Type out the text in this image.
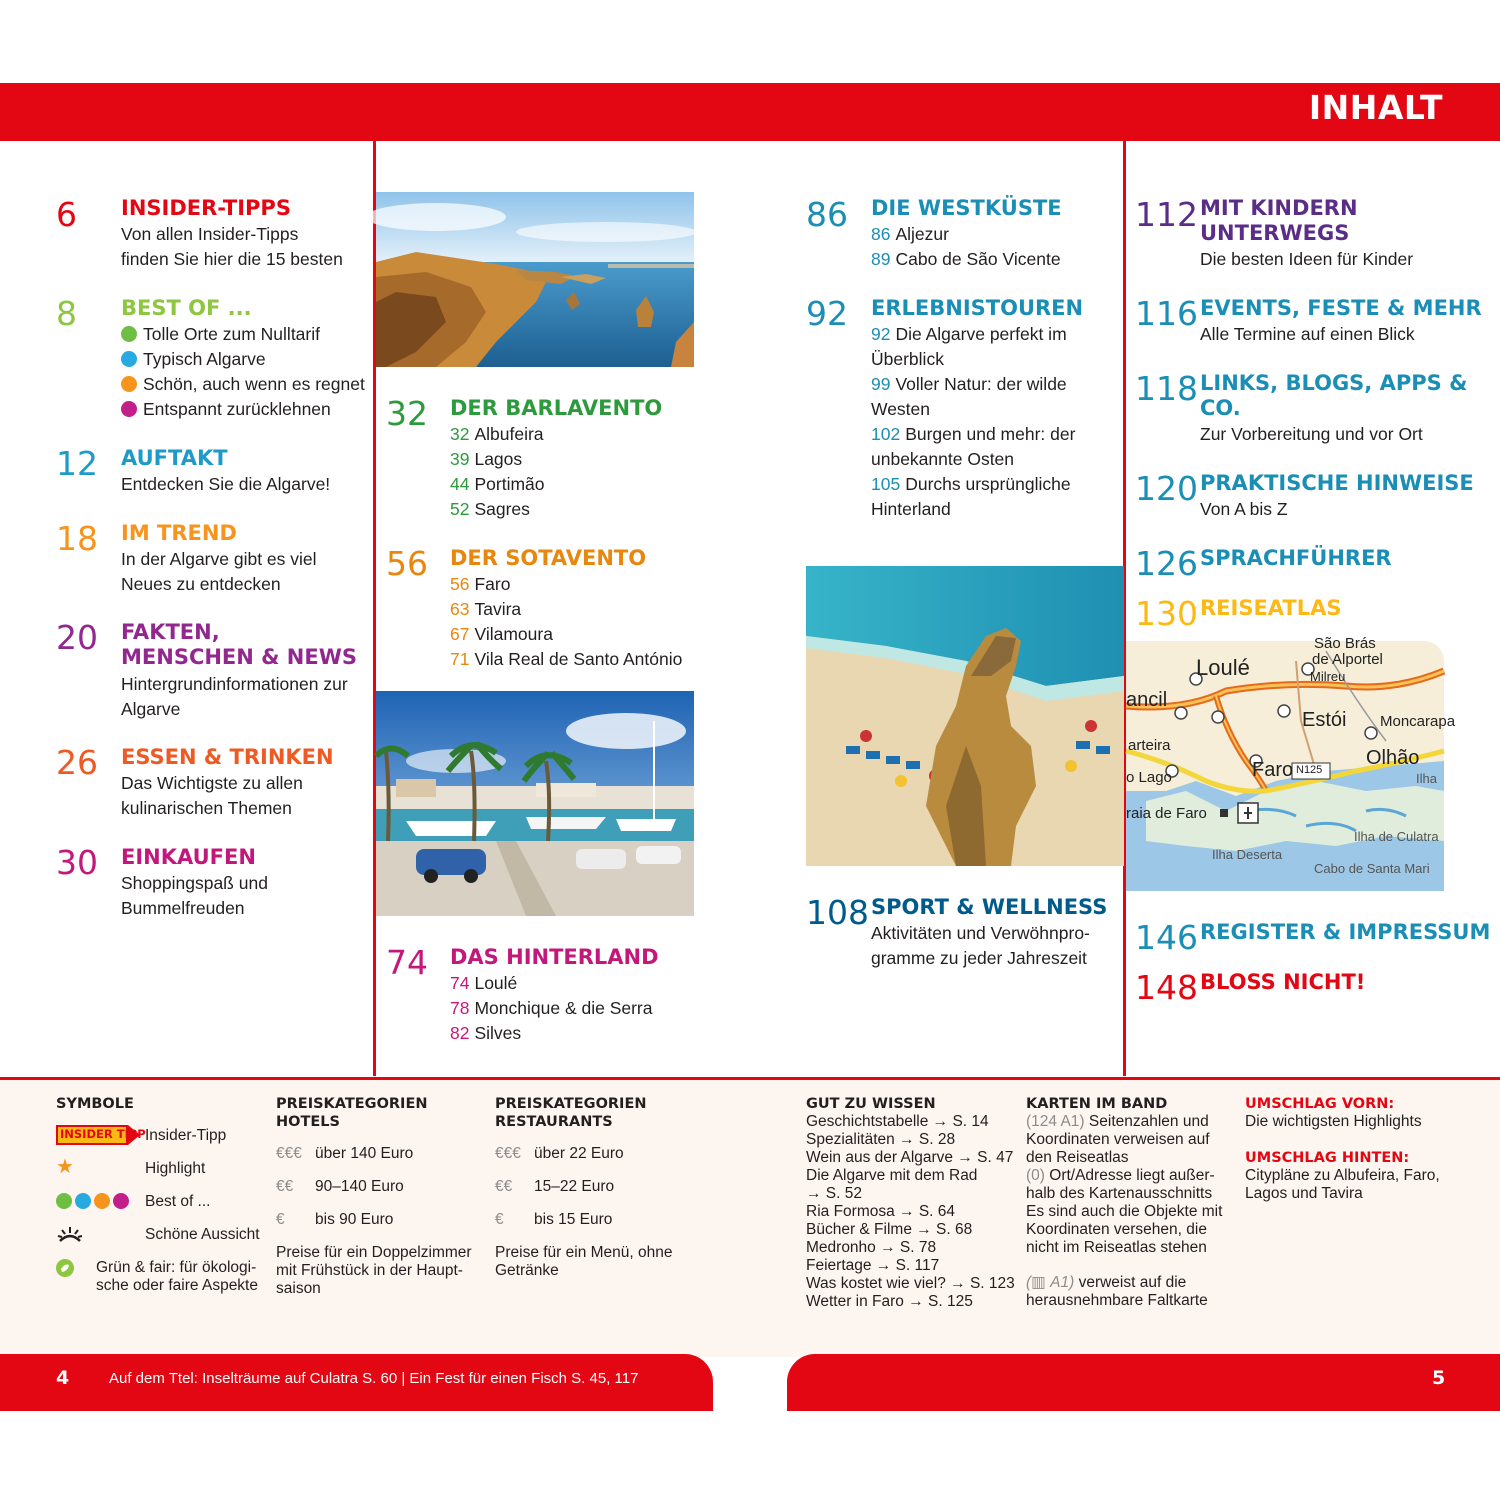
INHALT
6 INSIDER-TIPPS
Von allen Insider-Tipps
finden Sie hier die 15 besten
8 BEST OF ...
Tolle Orte zum Nulltarif
Typisch Algarve
Schön, auch wenn es regnet
Entspannt zurücklehnen
12 AUFTAKT
Entdecken Sie die Algarve!
18 IM TREND
In der Algarve gibt es viel
Neues zu entdecken
20 FAKTEN,
MENSCHEN & NEWS
Hintergrundinformationen zur
Algarve
26 ESSEN & TRINKEN
Das Wichtigste zu allen
kulinarischen Themen
30 EINKAUFEN
Shoppingspaß und
Bummelfreuden
32 DER BARLAVENTO
32 Albufeira
39 Lagos
44 Portimão
52 Sagres
56 DER SOTAVENTO
56 Faro
63 Tavira
67 Vilamoura
71 Vila Real de Santo António
74 DAS HINTERLAND
74 Loulé
78 Monchique & die Serra
82 Silves
86 DIE WESTKÜSTE
86 Aljezur
89 Cabo de São Vicente
92 ERLEBNISTOUREN
92 Die Algarve perfekt im
Überblick
99 Voller Natur: der wilde
Westen
102 Burgen und mehr: der
unbekannte Osten
105 Durchs ursprüngliche
Hinterland
108 SPORT & WELLNESS
Aktivitäten und Verwöhnpro-
gramme zu jeder Jahreszeit
112 MIT KINDERN
UNTERWEGS
Die besten Ideen für Kinder
116 EVENTS, FESTE & MEHR
Alle Termine auf einen Blick
118 LINKS, BLOGS, APPS &
CO.
Zur Vorbereitung und vor Ort
120 PRAKTISCHE HINWEISE
Von A bis Z
126 SPRACHFÜHRER
130 REISEATLAS
146 REGISTER & IMPRESSUM
148 BLOSS NICHT!
Loulé
São Brás
de Alportel
Milreu
ancil
Estói Moncarapa
arteira
Faro N125
Olhão
o Lago	Ilha
raia de Faro
Ilha de Culatra
Ilha Deserta
Cabo de Santa Mari
SYMBOLE
INSIDER TIPP Insider-Tipp
★	Highlight
Best of ...
Schöne Aussicht
Grün & fair: für ökologi-
sche oder faire Aspekte
PREISKATEGORIEN
HOTELS
€€€ über 140 Euro
€€ 90–140 Euro
€ bis 90 Euro
Preise für ein Doppelzimmer
mit Frühstück in der Haupt-
saison
PREISKATEGORIEN
RESTAURANTS
€€€ über 22 Euro
€€ 15–22 Euro
€ bis 15 Euro
Preise für ein Menü, ohne
Getränke
GUT ZU WISSEN
Geschichtstabelle → S. 14
Spezialitäten → S. 28
Wein aus der Algarve → S. 47
Die Algarve mit dem Rad
→ S. 52
Ria Formosa → S. 64
Bücher & Filme → S. 68
Medronho → S. 78
Feiertage → S. 117
Was kostet wie viel? → S. 123
Wetter in Faro → S. 125
KARTEN IM BAND
(124 A1) Seitenzahlen und
Koordinaten verweisen auf
den Reiseatlas
(0) Ort/Adresse liegt außer-
halb des Kartenausschnitts
Es sind auch die Objekte mit
Koordinaten versehen, die
nicht im Reiseatlas stehen
(▥ A1) verweist auf die
herausnehmbare Faltkarte
UMSCHLAG VORN:
Die wichtigsten Highlights
UMSCHLAG HINTEN:
Citypläne zu Albufeira, Faro,
Lagos und Tavira
4	Auf dem Ttel: Inselträume auf Culatra S. 60 | Ein Fest für einen Fisch S. 45, 117	5
